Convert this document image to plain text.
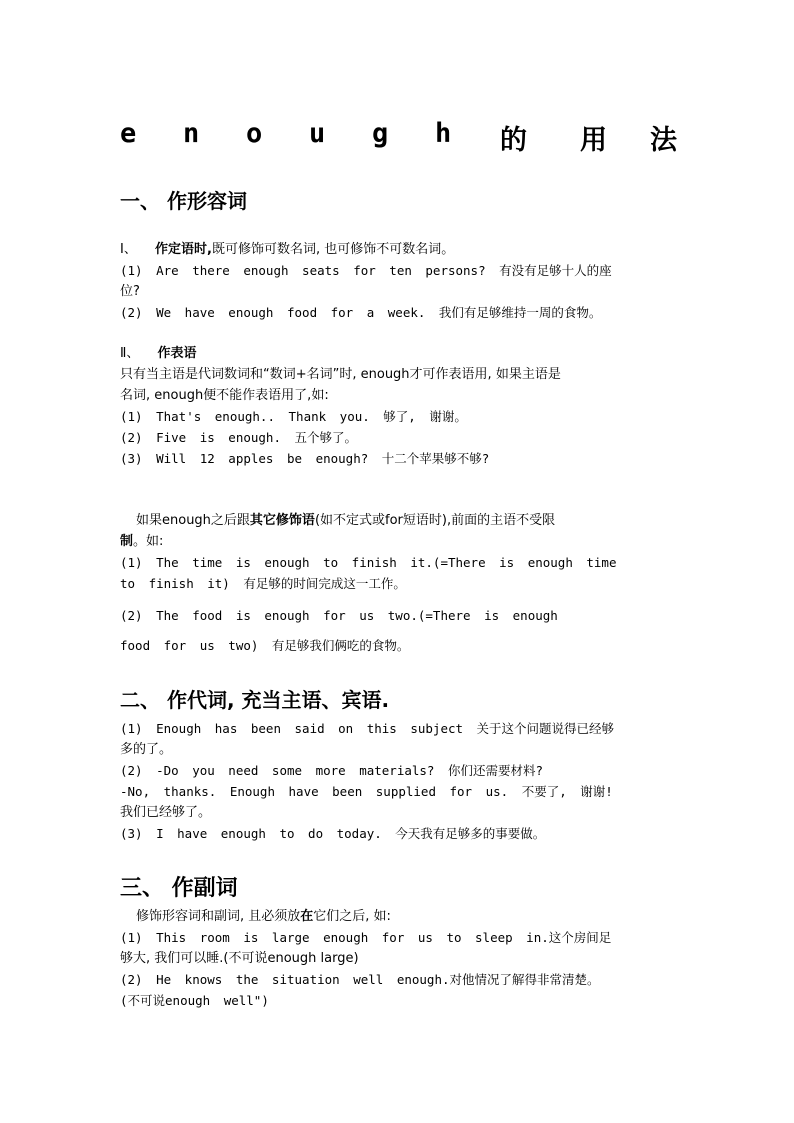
e n o u g h 的 用 法
一、 作形容词
Ⅰ、 作定语时,既可修饰可数名词, 也可修饰不可数名词。
(1) Are there enough seats for ten persons? 有没有足够十人的座
位?
(2) We have enough food for a week. 我们有足够维持一周的食物。
Ⅱ、 作表语
只有当主语是代词数词和“数词+名词”时, enough才可作表语用, 如果主语是
名词, enough便不能作表语用了,如:
(1) That's enough.. Thank you. 够了, 谢谢。
(2) Five is enough. 五个够了。
(3) Will 12 apples be enough? 十二个苹果够不够?
如果enough之后跟其它修饰语(如不定式或for短语时),前面的主语不受限
制。如:
(1) The time is enough to finish it.(=There is enough time
to finish it) 有足够的时间完成这一工作。
(2) The food is enough for us two.(=There is enough
food for us two) 有足够我们俩吃的食物。
二、 作代词, 充当主语、宾语.
(1) Enough has been said on this subject 关于这个问题说得已经够
多的了。
(2) -Do you need some more materials? 你们还需要材料?
-No, thanks. Enough have been supplied for us. 不要了, 谢谢!
我们已经够了。
(3) I have enough to do today. 今天我有足够多的事要做。
三、 作副词
修饰形容词和副词, 且必须放在它们之后, 如:
(1) This room is large enough for us to sleep in.这个房间足
够大, 我们可以睡.(不可说enough large)
(2) He knows the situation well enough.对他情况了解得非常清楚。
(不可说enough well")
